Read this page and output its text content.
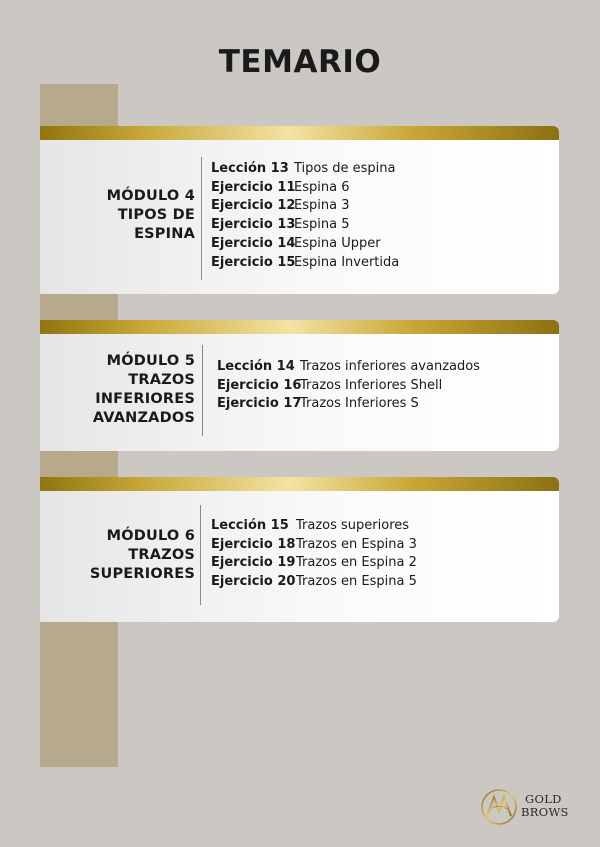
TEMARIO
MÓDULO 4
TIPOS DE
ESPINA
Lección 13 Tipos de espina
Ejercicio 11Espina 6
Ejercicio 12Espina 3
Ejercicio 13Espina 5
Ejercicio 14Espina Upper
Ejercicio 15Espina Invertida
MÓDULO 5
TRAZOS
INFERIORES
AVANZADOS
Lección 14 Trazos inferiores avanzados
Ejercicio 16Trazos Inferiores Shell
Ejercicio 17Trazos Inferiores S
MÓDULO 6
TRAZOS
SUPERIORES
Lección 15 Trazos superiores
Ejercicio 18Trazos en Espina 3
Ejercicio 19Trazos en Espina 2
Ejercicio 20Trazos en Espina 5
GOLD
BROWS
